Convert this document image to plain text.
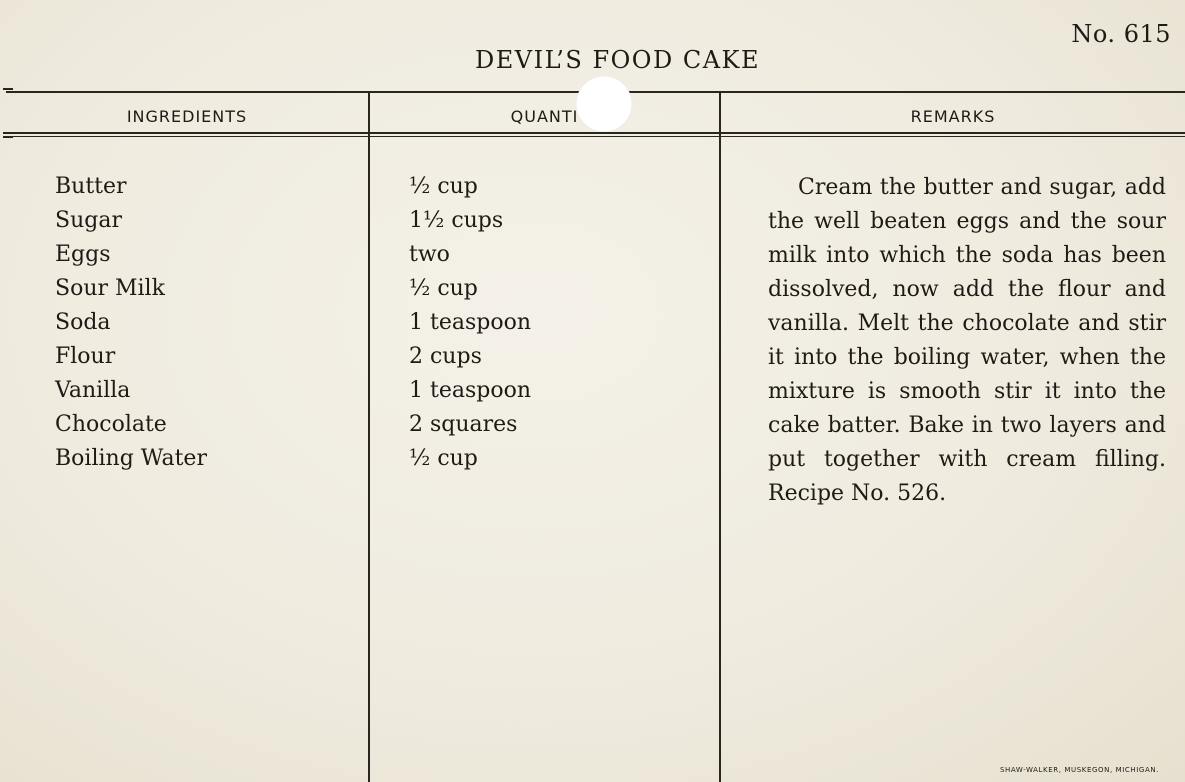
No. 615
DEVIL’S FOOD CAKE
INGREDIENTS	QUANTI	REMARKS
Butter
Sugar
Eggs
Sour Milk
Soda
Flour
Vanilla
Chocolate
Boiling Water
½ cup
1½ cups
two
½ cup
1 teaspoon
2 cups
1 teaspoon
2 squares
½ cup

Cream the butter and sugar, add the well beaten eggs and the sour milk into which the soda has been dissolved, now add the flour and vanilla. Melt the chocolate and stir it into the boiling water, when the mixture is smooth stir it into the cake batter. Bake in two layers and put together with cream filling. Recipe No. 526.

SHAW-WALKER, MUSKEGON, MICHIGAN.
